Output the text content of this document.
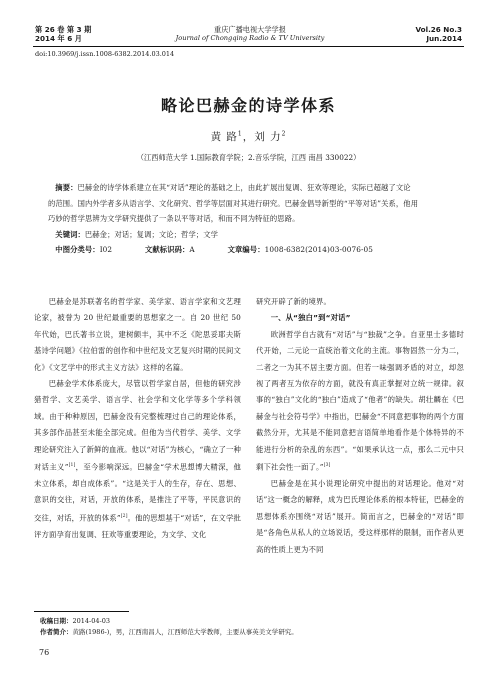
第 26 卷 第 3 期
2014 年 6 月
重庆广播电视大学学报
Journal of Chongqing Radio & TV University
Vol.26 No.3
Jun.2014
doi:10.3969/j.issn.1008-6382.2014.03.014
略论巴赫金的诗学体系
黄 路$^1$，刘 力$^2$
（江西师范大学 1.国际教育学院；2.音乐学院，江西 南昌 330022）
摘要：巴赫金的诗学体系建立在其“对话”理论的基础之上，由此扩展出复调、狂欢等理论，实际已超越了文论
的范围。国内外学者多从语言学、文化研究、哲学等层面对其进行研究。巴赫金倡导新型的“平等对话”关系，他用
巧妙的哲学思辨为文学研究提供了一条以平等对话，和而不同为特征的思路。
关键词：巴赫金；对话；复调；文论；哲学；文学
中图分类号：I02	文献标识码：A	文章编号：1008-6382(2014)03-0076-05

巴赫金是苏联著名的哲学家、美学家、语言学家和文艺理论家，被誉为 20 世纪最重要的思想家之一。自 20 世纪 50 年代始，巴氏著书立说，建树颇丰，其中不乏《陀思妥耶夫斯基诗学问题》《拉伯雷的创作和中世纪及文艺复兴时期的民间文化》《文艺学中的形式主义方法》这样的名篇。

巴赫金学术体系庞大，尽管以哲学家自居，但他的研究涉猎哲学、文艺美学、语言学、社会学和文化学等多个学科领域。由于种种原因，巴赫金没有完整梳理过自己的理论体系，其多部作品甚至未能全部完成。但他为当代哲学、美学、文学理论研究注入了新鲜的血液。他以“对话”为核心，“确立了一种对话主义”[1]，至今影响深远。巴赫金“学术思想博大精深，他未立体系，却自成体系”。“这是关于人的生存，存在、思想、意识的交往，对话，开放的体系，是推注了平等，平民意识的交往，对话，开放的体系”[2]。他的思想基于“对话”，在文学批评方面孕育出复调、狂欢等重要理论，为文学、文化

研究开辟了新的境界。

一、从“独白”到“对话”

欧洲哲学自古就有“对话”与“独裁”之争。自亚里士多德时代开始，二元论一直统治着文化的主流。事物固然一分为二，二者之一为其不居主要方面。但若一味强调矛盾的对立，却忽视了两者互为依存的方面，就没有真正掌握对立统一规律。叙事的“独白”文化的“独白”造成了“他者”的缺失。胡壮麟在《巴赫金与社会符号学》中指出，巴赫金“不同意把事物的两个方面截然分开，尤其是不能同意把言语简单地看作是个体特异的不能进行分析的杂乱的东西”。“如果承认这一点，那么二元中只剩下社会性一面了。”[3]

巴赫金是在其小说理论研究中提出的对话理论。他对“对话”这一概念的解释，成为巴氏理论体系的根本特征，巴赫金的思想体系亦围绕“对话”展开。简而言之，巴赫金的“对话”即是“各角色从私人的立场说话，受这样那样的限制，而作者从更高的性质上更为不同

收稿日期：2014-04-03
作者简介：黄路(1986-)，男，江西南昌人，江西师范大学教师，主要从事英美文学研究。
76
